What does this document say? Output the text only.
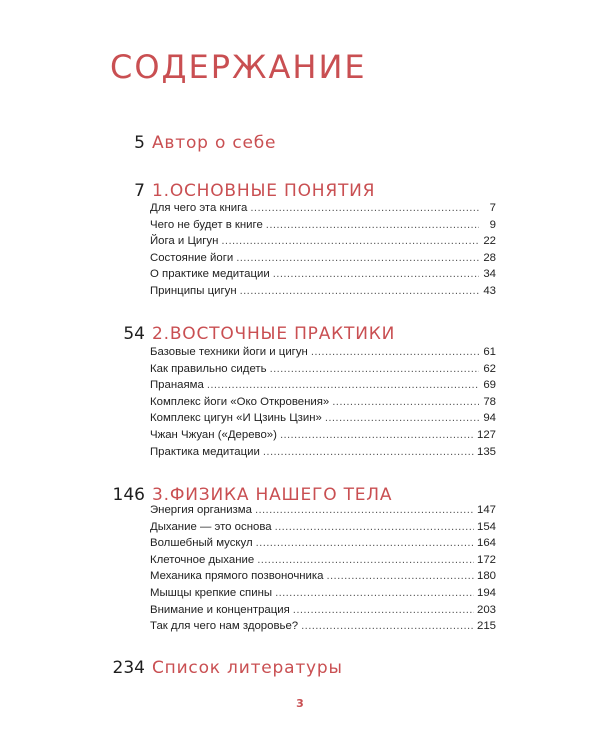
СОДЕРЖАНИЕ
5 Автор о себе
7 1.ОСНОВНЫЕ ПОНЯТИЯ
Для чего эта книга . . .	7
Чего не будет в книге . . .	9
Йога и Цигун . . .	22
Состояние йоги . . .	28
О практике медитации . . .	34
Принципы цигун . . .	43
54 2.ВОСТОЧНЫЕ ПРАКТИКИ
Базовые техники йоги и цигун . . .	61
Как правильно сидеть . . .	62
Пранаяма . . .	69
Комплекс йоги «Око Откровения» . . .	78
Комплекс цигун «И Цзинь Цзин» . . .	94
Чжан Чжуан («Дерево») . . .	127
Практика медитации . . .	135
146 3.ФИЗИКА НАШЕГО ТЕЛА
Энергия организма . . .	147
Дыхание — это основа . . .	154
Волшебный мускул . . .	164
Клеточное дыхание . . .	172
Механика прямого позвоночника . . .	180
Мышцы крепкие спины . . .	194
Внимание и концентрация . . .	203
Так для чего нам здоровье? . . .	215
234 Список литературы
3
